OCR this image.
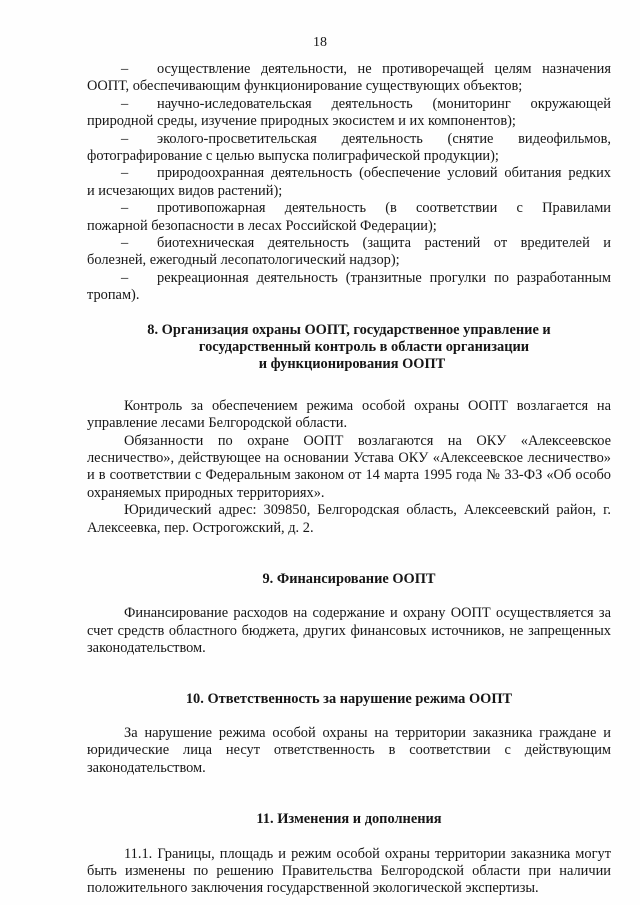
18
–	осуществление деятельности, не противоречащей целям назначения
ООПТ, обеспечивающим функционирование существующих объектов;
–	научно-иследовательская деятельность (мониторинг окружающей
природной среды, изучение природных экосистем и их компонентов);
–	эколого-просветительская деятельность (снятие видеофильмов,
фотографирование с целью выпуска полиграфической продукции);
–	природоохранная деятельность (обеспечение условий обитания редких
и исчезающих видов растений);
–	противопожарная деятельность (в соответствии с Правилами
пожарной безопасности в лесах Российской Федерации);
–	биотехническая деятельность (защита растений от вредителей и
болезней, ежегодный лесопатологический надзор);
–	рекреационная деятельность (транзитные прогулки по разработанным
тропам).
8. Организация охраны ООПТ, государственное управление и
государственный контроль в области организации
и функционирования ООПТ
Контроль за обеспечением режима особой охраны ООПТ возлагается на управление лесами Белгородской области.
Обязанности по охране ООПТ возлагаются на ОКУ «Алексеевское лесничество», действующее на основании Устава ОКУ «Алексеевское лесничество» и в соответствии с Федеральным законом от 14 марта 1995 года № 33-ФЗ «Об особо охраняемых природных территориях».
Юридический адрес: 309850, Белгородская область, Алексеевский район, г. Алексеевка, пер. Острогожский, д. 2.
9. Финансирование ООПТ
Финансирование расходов на содержание и охрану ООПТ осуществляется за счет средств областного бюджета, других финансовых источников, не запрещенных законодательством.
10. Ответственность за нарушение режима ООПТ
За нарушение режима особой охраны на территории заказника граждане и юридические лица несут ответственность в соответствии с действующим законодательством.
11. Изменения и дополнения
11.1. Границы, площадь и режим особой охраны территории заказника могут быть изменены по решению Правительства Белгородской области при наличии положительного заключения государственной экологической экспертизы.
